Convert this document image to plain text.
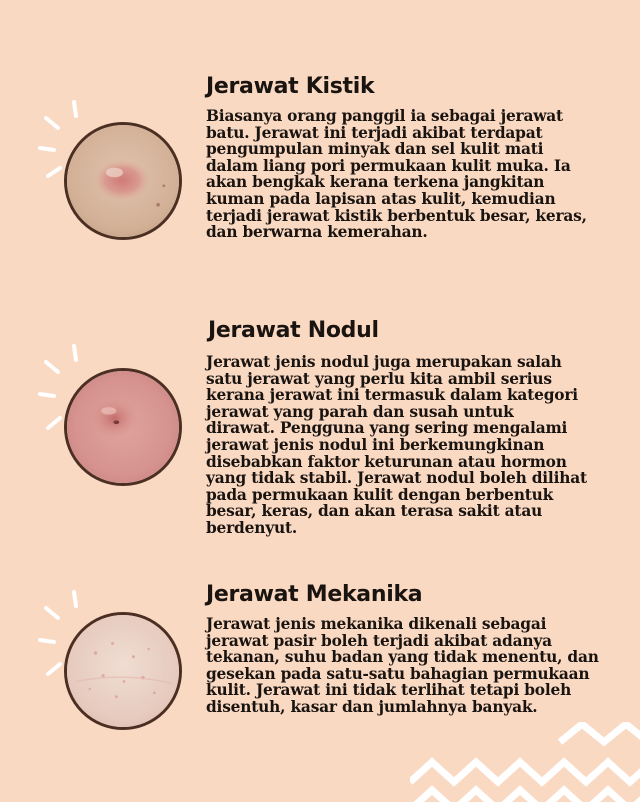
Jerawat Kistik
Biasanya orang panggil ia sebagai jerawat
batu. Jerawat ini terjadi akibat terdapat
pengumpulan minyak dan sel kulit mati
dalam liang pori permukaan kulit muka. Ia
akan bengkak kerana terkena jangkitan
kuman pada lapisan atas kulit, kemudian
terjadi jerawat kistik berbentuk besar, keras,
dan berwarna kemerahan.
Jerawat Nodul
Jerawat jenis nodul juga merupakan salah
satu jerawat yang perlu kita ambil serius
kerana jerawat ini termasuk dalam kategori
jerawat yang parah dan susah untuk
dirawat. Pengguna yang sering mengalami
jerawat jenis nodul ini berkemungkinan
disebabkan faktor keturunan atau hormon
yang tidak stabil. Jerawat nodul boleh dilihat
pada permukaan kulit dengan berbentuk
besar, keras, dan akan terasa sakit atau
berdenyut.
Jerawat Mekanika
Jerawat jenis mekanika dikenali sebagai
jerawat pasir boleh terjadi akibat adanya
tekanan, suhu badan yang tidak menentu, dan
gesekan pada satu-satu bahagian permukaan
kulit. Jerawat ini tidak terlihat tetapi boleh
disentuh, kasar dan jumlahnya banyak.
